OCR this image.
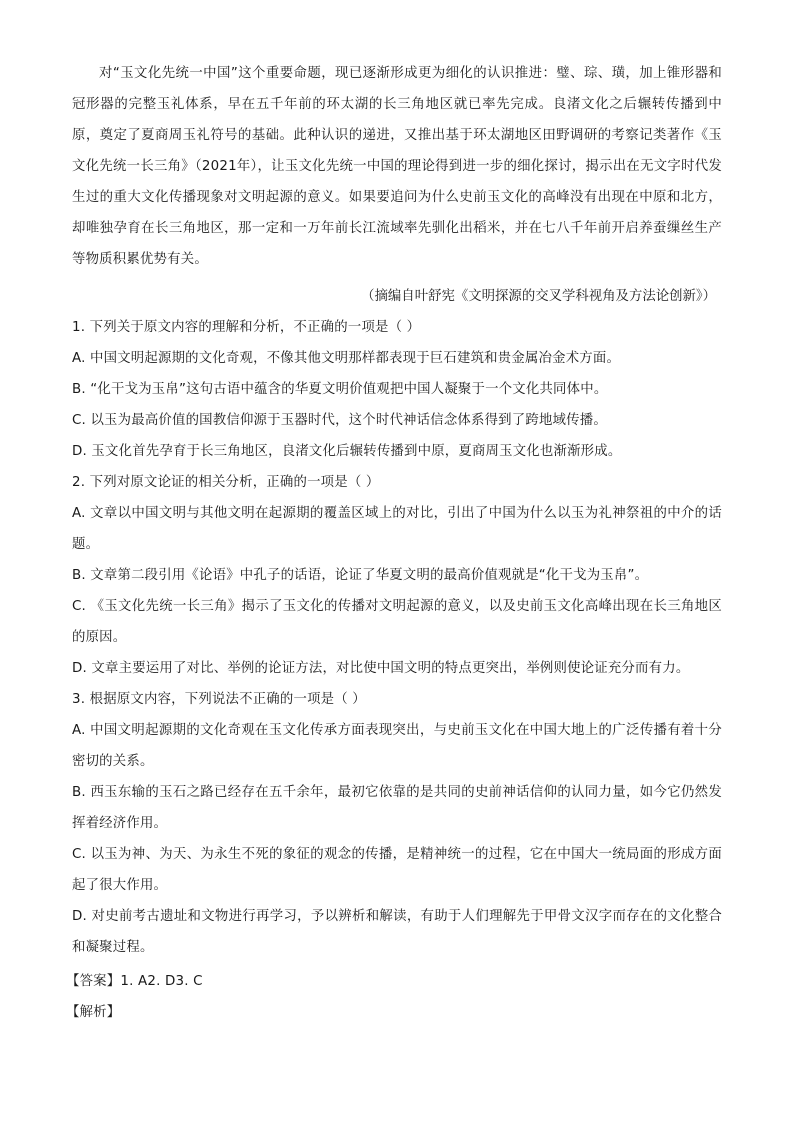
对“玉文化先统一中国”这个重要命题，现已逐渐形成更为细化的认识推进：璧、琮、璜，加上锥形器和冠形器的完整玉礼体系，早在五千年前的环太湖的长三角地区就已率先完成。良渚文化之后辗转传播到中原，奠定了夏商周玉礼符号的基础。此种认识的递进，又推出基于环太湖地区田野调研的考察记类著作《玉文化先统一长三角》（2021年），让玉文化先统一中国的理论得到进一步的细化探讨，揭示出在无文字时代发生过的重大文化传播现象对文明起源的意义。如果要追问为什么史前玉文化的高峰没有出现在中原和北方，却唯独孕育在长三角地区，那一定和一万年前长江流域率先驯化出稻米，并在七八千年前开启养蚕缫丝生产等物质积累优势有关。

（摘编自叶舒宪《文明探源的交叉学科视角及方法论创新》）

1. 下列关于原文内容的理解和分析，不正确的一项是（ ）

A. 中国文明起源期的文化奇观，不像其他文明那样都表现于巨石建筑和贵金属冶金术方面。

B. “化干戈为玉帛”这句古语中蕴含的华夏文明价值观把中国人凝聚于一个文化共同体中。

C. 以玉为最高价值的国教信仰源于玉器时代，这个时代神话信念体系得到了跨地域传播。

D. 玉文化首先孕育于长三角地区，良渚文化后辗转传播到中原，夏商周玉文化也渐渐形成。

2. 下列对原文论证的相关分析，正确的一项是（ ）

A. 文章以中国文明与其他文明在起源期的覆盖区域上的对比，引出了中国为什么以玉为礼神祭祖的中介的话题。

B. 文章第二段引用《论语》中孔子的话语，论证了华夏文明的最高价值观就是“化干戈为玉帛”。

C. 《玉文化先统一长三角》揭示了玉文化的传播对文明起源的意义，以及史前玉文化高峰出现在长三角地区的原因。

D. 文章主要运用了对比、举例的论证方法，对比使中国文明的特点更突出，举例则使论证充分而有力。

3. 根据原文内容，下列说法不正确的一项是（ ）

A. 中国文明起源期的文化奇观在玉文化传承方面表现突出，与史前玉文化在中国大地上的广泛传播有着十分密切的关系。

B. 西玉东输的玉石之路已经存在五千余年，最初它依靠的是共同的史前神话信仰的认同力量，如今它仍然发挥着经济作用。

C. 以玉为神、为天、为永生不死的象征的观念的传播，是精神统一的过程，它在中国大一统局面的形成方面起了很大作用。

D. 对史前考古遗址和文物进行再学习，予以辨析和解读，有助于人们理解先于甲骨文汉字而存在的文化整合和凝聚过程。

【答案】1. A2. D3. C

【解析】
